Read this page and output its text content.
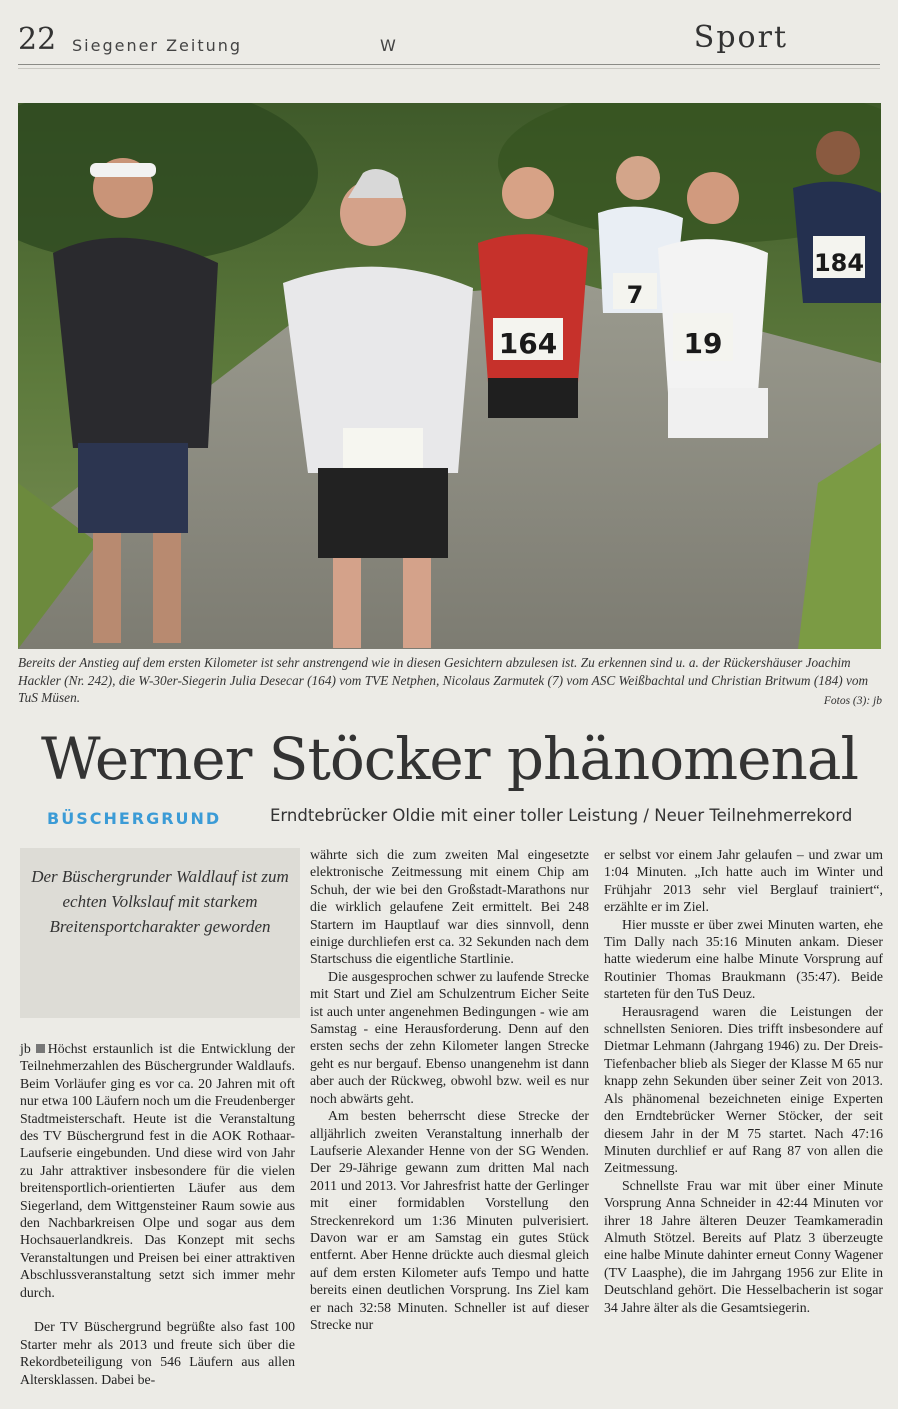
22 Siegener Zeitung	W	Sport
164
7
19
184
Bereits der Anstieg auf dem ersten Kilometer ist sehr anstrengend wie in diesen Gesichtern abzulesen ist. Zu erkennen sind u. a. der Rückershäuser Joachim Hackler (Nr. 242), die W-30er-Siegerin Julia Desecar (164) vom TVE Netphen, Nicolaus Zarmutek (7) vom ASC Weißbachtal und Christian Britwum (184) vom TuS Müsen.	Fotos (3): jb
Werner Stöcker phänomenal
BÜSCHERGRUND	Erndtebrücker Oldie mit einer toller Leistung / Neuer Teilnehmerrekord
Der Büschergrunder Waldlauf ist zum echten Volkslauf mit starkem Breitensportcharakter geworden

jb Höchst erstaunlich ist die Entwicklung der Teilnehmerzahlen des Büschergrunder Waldlaufs. Beim Vorläufer ging es vor ca. 20 Jahren mit oft nur etwa 100 Läufern noch um die Freudenberger Stadtmeisterschaft. Heute ist die Veranstaltung des TV Büschergrund fest in die AOK Rothaar-Laufserie eingebunden. Und diese wird von Jahr zu Jahr attraktiver insbesondere für die vielen breitensportlich-orientierten Läufer aus dem Siegerland, dem Wittgensteiner Raum sowie aus den Nachbarkreisen Olpe und sogar aus dem Hochsauerlandkreis. Das Konzept mit sechs Veranstaltungen und Preisen bei einer attraktiven Abschlussveranstaltung setzt sich immer mehr durch.

Der TV Büschergrund begrüßte also fast 100 Starter mehr als 2013 und freute sich über die Rekordbeteiligung von 546 Läufern aus allen Altersklassen. Dabei be-

währte sich die zum zweiten Mal eingesetzte elektronische Zeitmessung mit einem Chip am Schuh, der wie bei den Großstadt-Marathons nur die wirklich gelaufene Zeit ermittelt. Bei 248 Startern im Hauptlauf war dies sinnvoll, denn einige durchliefen erst ca. 32 Sekunden nach dem Startschuss die eigentliche Startlinie.

Die ausgesprochen schwer zu laufende Strecke mit Start und Ziel am Schulzentrum Eicher Seite ist auch unter angenehmen Bedingungen - wie am Samstag - eine Herausforderung. Denn auf den ersten sechs der zehn Kilometer langen Strecke geht es nur bergauf. Ebenso unangenehm ist dann aber auch der Rückweg, obwohl bzw. weil es nur noch abwärts geht.

Am besten beherrscht diese Strecke der alljährlich zweiten Veranstaltung innerhalb der Laufserie Alexander Henne von der SG Wenden. Der 29-Jährige gewann zum dritten Mal nach 2011 und 2013. Vor Jahresfrist hatte der Gerlinger mit einer formidablen Vorstellung den Streckenrekord um 1:36 Minuten pulverisiert. Davon war er am Samstag ein gutes Stück entfernt. Aber Henne drückte auch diesmal gleich auf dem ersten Kilometer aufs Tempo und hatte bereits einen deutlichen Vorsprung. Ins Ziel kam er nach 32:58 Minuten. Schneller ist auf dieser Strecke nur

er selbst vor einem Jahr gelaufen – und zwar um 1:04 Minuten. „Ich hatte auch im Winter und Frühjahr 2013 sehr viel Berglauf trainiert“, erzählte er im Ziel.

Hier musste er über zwei Minuten warten, ehe Tim Dally nach 35:16 Minuten ankam. Dieser hatte wiederum eine halbe Minute Vorsprung auf Routinier Thomas Braukmann (35:47). Beide starteten für den TuS Deuz.

Herausragend waren die Leistungen der schnellsten Senioren. Dies trifft insbesondere auf Dietmar Lehmann (Jahrgang 1946) zu. Der Dreis-Tiefenbacher blieb als Sieger der Klasse M 65 nur knapp zehn Sekunden über seiner Zeit von 2013. Als phänomenal bezeichneten einige Experten den Erndtebrücker Werner Stöcker, der seit diesem Jahr in der M 75 startet. Nach 47:16 Minuten durchlief er auf Rang 87 von allen die Zeitmessung.

Schnellste Frau war mit über einer Minute Vorsprung Anna Schneider in 42:44 Minuten vor ihrer 18 Jahre älteren Deuzer Teamkameradin Almuth Stötzel. Bereits auf Platz 3 überzeugte eine halbe Minute dahinter erneut Conny Wagener (TV Laasphe), die im Jahrgang 1956 zur Elite in Deutschland gehört. Die Hesselbacherin ist sogar 34 Jahre älter als die Gesamtsiegerin.
